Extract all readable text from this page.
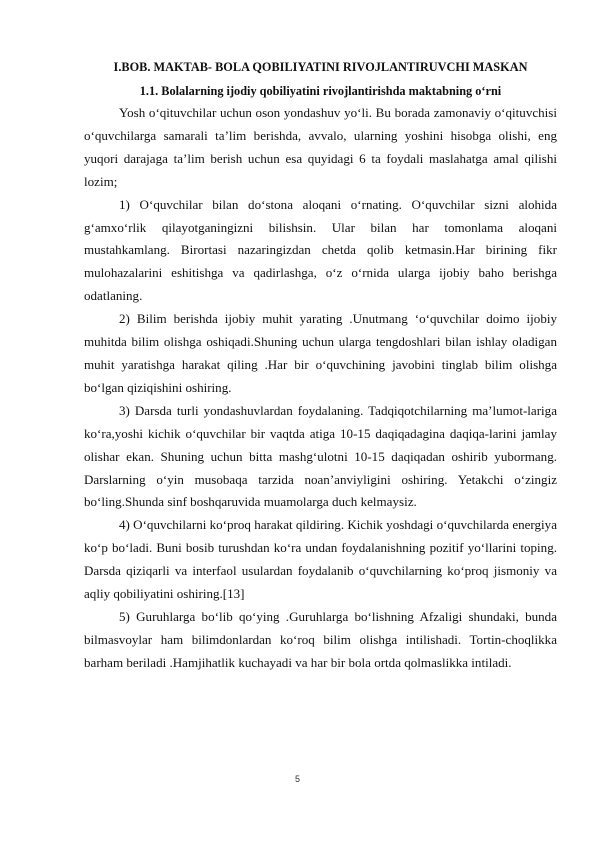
I.BOB. MAKTAB- BOLA QOBILIYATINI RIVOJLANTIRUVCHI MASKAN
1.1. Bolalarning ijodiy qobiliyatini rivojlantirishda maktabning o‘rni

Yosh o‘qituvchilar uchun oson yondashuv yo‘li. Bu borada zamonaviy o‘qituvchisi o‘quvchilarga samarali ta’lim berishda, avvalo, ularning yoshini hisobga olishi, eng yuqori darajaga ta’lim berish uchun esa quyidagi 6 ta foydali maslahatga amal qilishi lozim;

1) O‘quvchilar bilan do‘stona aloqani o‘rnating. O‘quvchilar sizni alohida g‘amxo‘rlik qilayotganingizni bilishsin. Ular bilan har tomonlama aloqani mustahkamlang. Birortasi nazaringizdan chetda qolib ketmasin.Har birining fikr mulohazalarini eshitishga va qadirlashga, o‘z o‘rnida ularga ijobiy baho berishga odatlaning.

2) Bilim berishda ijobiy muhit yarating .Unutmang ‘o‘quvchilar doimo ijobiy muhitda bilim olishga oshiqadi.Shuning uchun ularga tengdoshlari bilan ishlay oladigan muhit yaratishga harakat qiling .Har bir o‘quvchining javobini tinglab bilim olishga bo‘lgan qiziqishini oshiring.

3) Darsda turli yondashuvlardan foydalaning. Tadqiqotchilarning ma’lumot-lariga ko‘ra,yoshi kichik o‘quvchilar bir vaqtda atiga 10-15 daqiqadagina daqiqa-larini jamlay olishar ekan. Shuning uchun bitta mashg‘ulotni 10-15 daqiqadan oshirib yubormang. Darslarning o‘yin musobaqa tarzida noan’anviyligini oshiring. Yetakchi o‘zingiz bo‘ling.Shunda sinf boshqaruvida muamolarga duch kelmaysiz.

4) O‘quvchilarni ko‘proq harakat qildiring. Kichik yoshdagi o‘quvchilarda energiya ko‘p bo‘ladi. Buni bosib turushdan ko‘ra undan foydalanishning pozitif yo‘llarini toping. Darsda qiziqarli va interfaol usulardan foydalanib o‘quvchilarning ko‘proq jismoniy va aqliy qobiliyatini oshiring.[13]

5) Guruhlarga bo‘lib qo‘ying .Guruhlarga bo‘lishning Afzaligi shundaki, bunda bilmasvoylar ham bilimdonlardan ko‘roq bilim olishga intilishadi. Tortin-choqlikka barham beriladi .Hamjihatlik kuchayadi va har bir bola ortda qolmaslikka intiladi.

5
